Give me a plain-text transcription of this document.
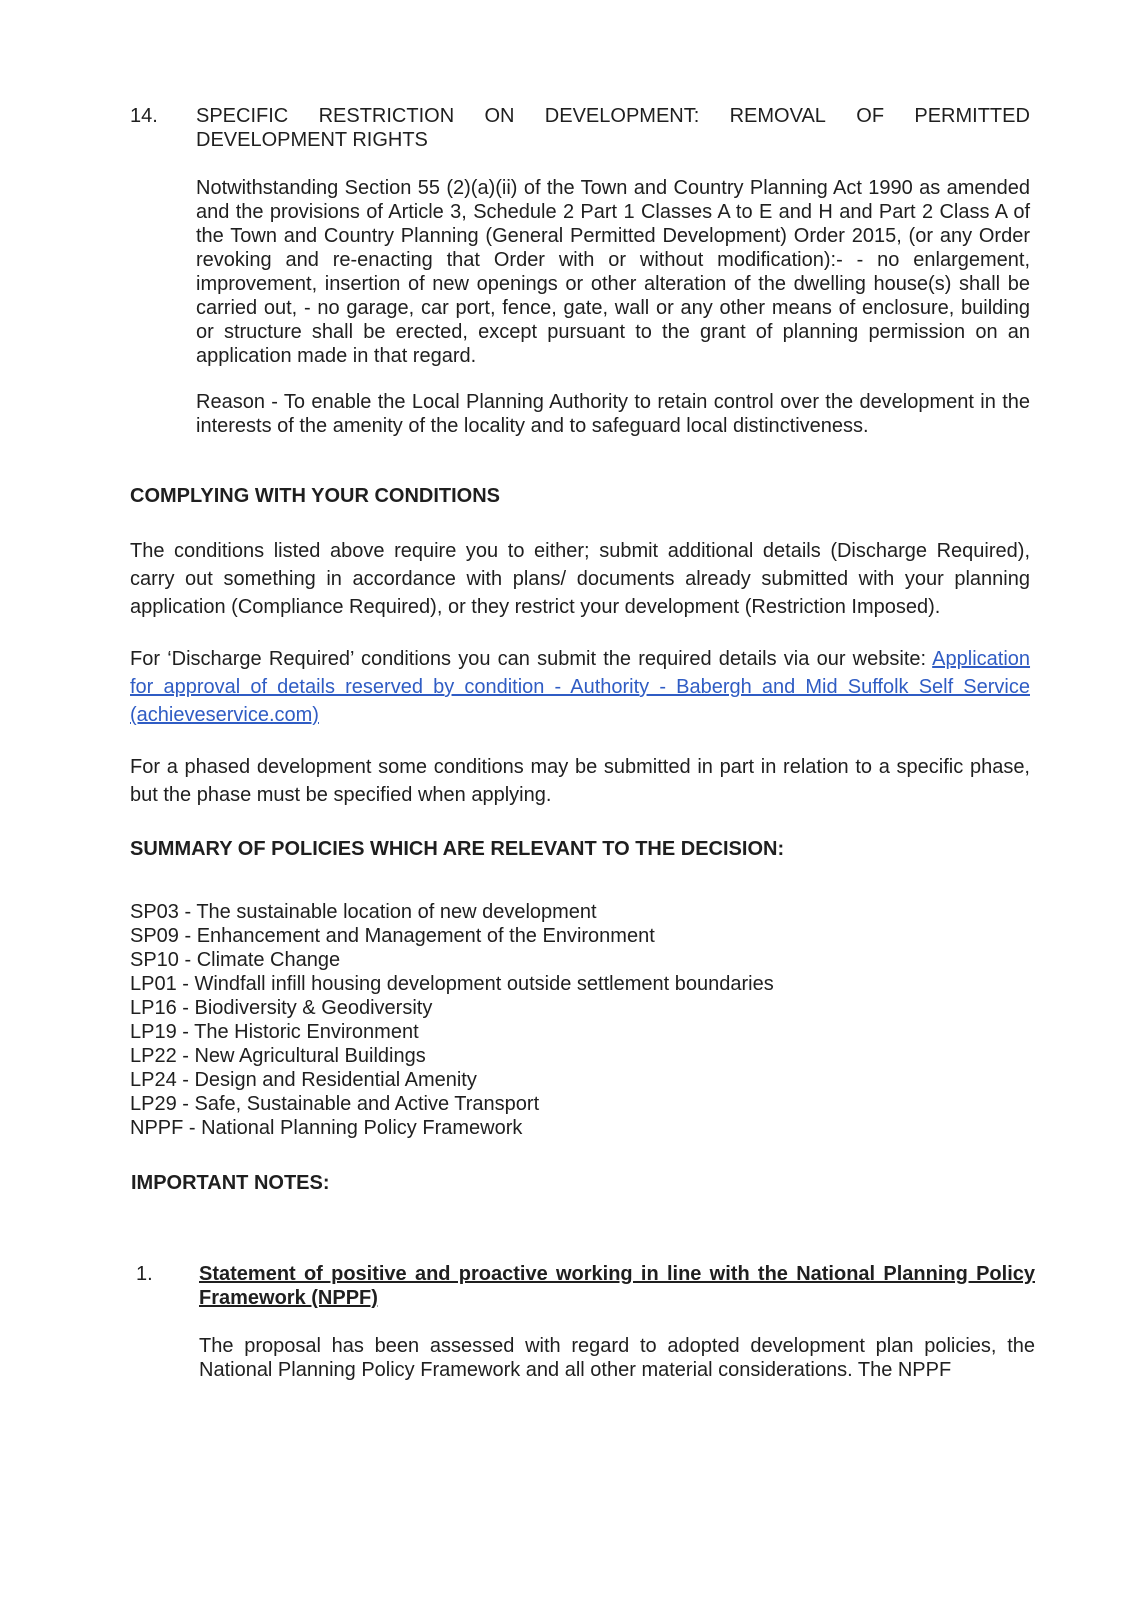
14. SPECIFIC RESTRICTION ON DEVELOPMENT: REMOVAL OF PERMITTED
DEVELOPMENT RIGHTS
Notwithstanding Section 55 (2)(a)(ii) of the Town and Country Planning Act 1990 as amended and the provisions of Article 3, Schedule 2 Part 1 Classes A to E and H and Part 2 Class A of the Town and Country Planning (General Permitted Development) Order 2015, (or any Order revoking and re-enacting that Order with or without modification):- - no enlargement, improvement, insertion of new openings or other alteration of the dwelling house(s) shall be carried out, - no garage, car port, fence, gate, wall or any other means of enclosure, building or structure shall be erected, except pursuant to the grant of planning permission on an application made in that regard.
Reason - To enable the Local Planning Authority to retain control over the development in the interests of the amenity of the locality and to safeguard local distinctiveness.
COMPLYING WITH YOUR CONDITIONS
The conditions listed above require you to either; submit additional details (Discharge Required), carry out something in accordance with plans/ documents already submitted with your planning application (Compliance Required), or they restrict your development (Restriction Imposed).
For ‘Discharge Required’ conditions you can submit the required details via our website: Application for approval of details reserved by condition - Authority - Babergh and Mid Suffolk Self Service (achieveservice.com)
For a phased development some conditions may be submitted in part in relation to a specific phase, but the phase must be specified when applying.
SUMMARY OF POLICIES WHICH ARE RELEVANT TO THE DECISION:
SP03 - The sustainable location of new development
SP09 - Enhancement and Management of the Environment
SP10 - Climate Change
LP01 - Windfall infill housing development outside settlement boundaries
LP16 - Biodiversity & Geodiversity
LP19 - The Historic Environment
LP22 - New Agricultural Buildings
LP24 - Design and Residential Amenity
LP29 - Safe, Sustainable and Active Transport
NPPF - National Planning Policy Framework
IMPORTANT NOTES:
1. Statement of positive and proactive working in line with the National Planning Policy Framework (NPPF)
The proposal has been assessed with regard to adopted development plan policies, the National Planning Policy Framework and all other material considerations. The NPPF
